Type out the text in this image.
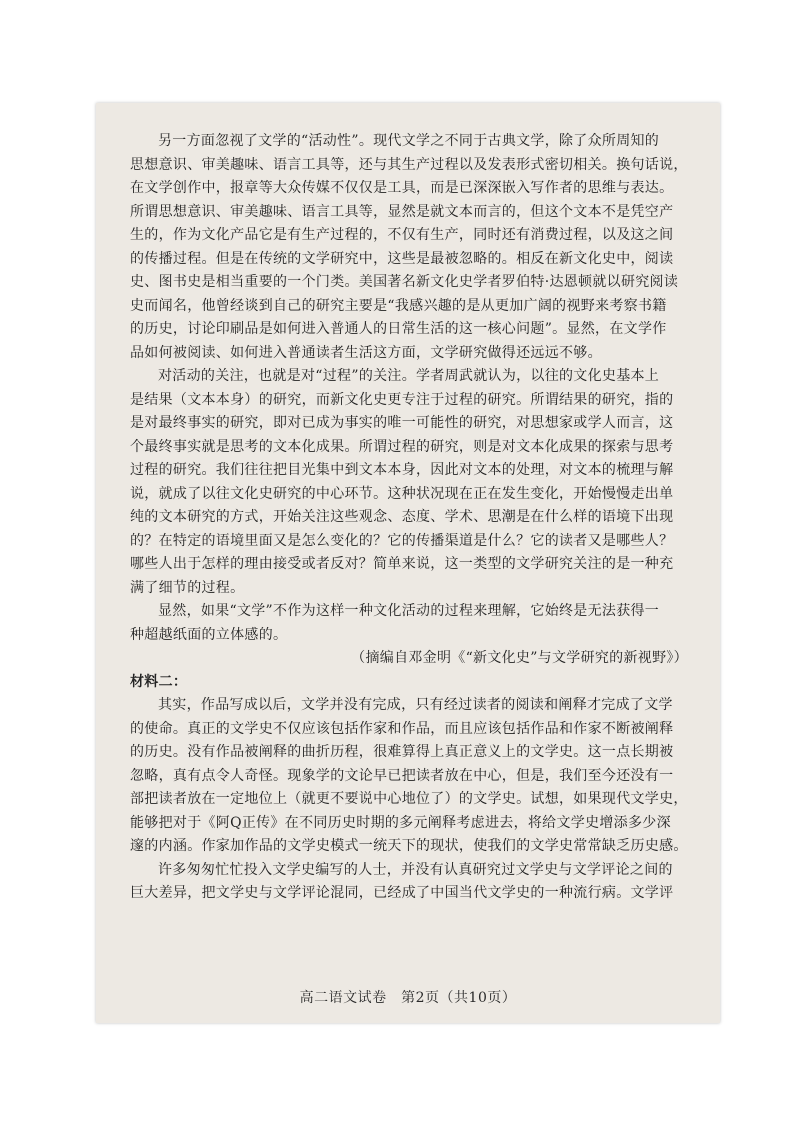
另一方面忽视了文学的“活动性”。现代文学之不同于古典文学，除了众所周知的
思想意识、审美趣味、语言工具等，还与其生产过程以及发表形式密切相关。换句话说，
在文学创作中，报章等大众传媒不仅仅是工具，而是已深深嵌入写作者的思维与表达。
所谓思想意识、审美趣味、语言工具等，显然是就文本而言的，但这个文本不是凭空产
生的，作为文化产品它是有生产过程的，不仅有生产，同时还有消费过程，以及这之间
的传播过程。但是在传统的文学研究中，这些是最被忽略的。相反在新文化史中，阅读
史、图书史是相当重要的一个门类。美国著名新文化史学者罗伯特·达恩顿就以研究阅读
史而闻名，他曾经谈到自己的研究主要是“我感兴趣的是从更加广阔的视野来考察书籍
的历史，讨论印刷品是如何进入普通人的日常生活的这一核心问题”。显然，在文学作
品如何被阅读、如何进入普通读者生活这方面，文学研究做得还远远不够。

对活动的关注，也就是对“过程”的关注。学者周武就认为，以往的文化史基本上
是结果（文本本身）的研究，而新文化史更专注于过程的研究。所谓结果的研究，指的
是对最终事实的研究，即对已成为事实的唯一可能性的研究，对思想家或学人而言，这
个最终事实就是思考的文本化成果。所谓过程的研究，则是对文本化成果的探索与思考
过程的研究。我们往往把目光集中到文本本身，因此对文本的处理，对文本的梳理与解
说，就成了以往文化史研究的中心环节。这种状况现在正在发生变化，开始慢慢走出单
纯的文本研究的方式，开始关注这些观念、态度、学术、思潮是在什么样的语境下出现
的？在特定的语境里面又是怎么变化的？它的传播渠道是什么？它的读者又是哪些人？
哪些人出于怎样的理由接受或者反对？简单来说，这一类型的文学研究关注的是一种充
满了细节的过程。

显然，如果“文学”不作为这样一种文化活动的过程来理解，它始终是无法获得一
种超越纸面的立体感的。

（摘编自邓金明《“新文化史”与文学研究的新视野》）

材料二：

其实，作品写成以后，文学并没有完成，只有经过读者的阅读和阐释才完成了文学
的使命。真正的文学史不仅应该包括作家和作品，而且应该包括作品和作家不断被阐释
的历史。没有作品被阐释的曲折历程，很难算得上真正意义上的文学史。这一点长期被
忽略，真有点令人奇怪。现象学的文论早已把读者放在中心，但是，我们至今还没有一
部把读者放在一定地位上（就更不要说中心地位了）的文学史。试想，如果现代文学史，
能够把对于《阿Q正传》在不同历史时期的多元阐释考虑进去，将给文学史增添多少深
邃的内涵。作家加作品的文学史模式一统天下的现状，使我们的文学史常常缺乏历史感。

许多匆匆忙忙投入文学史编写的人士，并没有认真研究过文学史与文学评论之间的
巨大差异，把文学史与文学评论混同，已经成了中国当代文学史的一种流行病。文学评

高二语文试卷　第2页（共10页）
